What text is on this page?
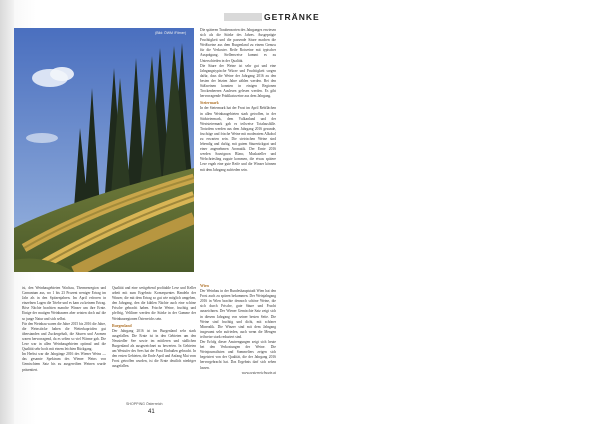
GETRÄNKE
(Bild: ÖWM /Fitmer)

ist, den Weinbaugebieten Wachau, Thermenregion und Carnuntum aus, wo 1 bis 23 Prozent weniger Ertrag im Jahr als in den Spitzenjahren. Im April erfroren in einzelnen Lagen die Triebe und es kam zu keinem Ertrag. Böse Nächte brachten manche Winzer um ihre Ernte. Einige der mutigen Weinbauern aber setzten doch auf die so junge Natur und sich selbst.

Für den Weinbau waren die Jahre 2015 bis 2016 die Jahre, die Weinstöcke haben die Wetterkapriolen gut überstanden und Zuckergehalt, die Säuren und Aromen waren hervorragend, da es selten so viel Wärme gab. Die Lese war in allen Weinbaugebieten optimal und die Qualität sehr hoch mit einem leichten Rückgang.

Im Herbst war die Jahrgänge 2016 des Wiener Weins — das gesamte Spektrum des Wiener Weins von Gemischtem Satz bis zu ausgereiften Weinen wurde präsentiert.

Qualität und eine weitgehend profitable Lese und Keller arbeit mit zum Ergebnis: Konsequentes Handeln der Winzer, die mit dem Ertrag so gut wie möglich umgehen, den Jahrgang, den die kühlen Nächte auch eine schöne Frische gebracht haben. Frische Weine, fruchtig und pfeffrig, Veltliner werden die Stärke in der Gamme der Weinbauregionen Österreichs sein.

Burgenland

Der Jahrgang 2016 ist im Burgenland sehr stark ausgefallen. Die Ernte ist in den Gebieten um den Neusiedler See sowie im mittleren und südlichen Burgenland als ausgezeichnet zu bewerten. In Gebieten am Westufer des Sees hat der Frost Einbußen gebracht. In den ersten Gebieten, die Ende April und Anfang Mai vom Frost getroffen wurden, ist die Ernte deutlich niedriger ausgefallen.

Die späteren Traubensorten des Jahrganges erwiesen sich als die Stärke des Jahres. Ausgeprägte Fruchtigkeit und die passende Säure machen die Weißweine aus dem Burgenland zu einem Genuss für die Verkoster. Reife Rotweine mit typischer Ausprägung. Stellenweise kommt es zu Unterschieden in der Qualität.

Die Säure der Weine ist sehr gut und eine Jahrgangstypische Würze und Fruchtigkeit sorgen dafür, dass die Weine der Jahrgang 2016 zu den besten der letzten Jahre zählen werden. Bei den Süßweinen konnten in einigen Regionen Trockenbeeren Auslesen gelesen werden. Es gibt hervorragende Prädikatsweine aus dem Jahrgang.

Steiermark

In der Steiermark hat der Frost im April Rebflächen in allen Weinbaugebieten stark getroffen, in der Südsteiermark, dem Vulkanland und der Weststeiermark gab es teilweise Totalausfälle. Trotzdem werden aus dem Jahrgang 2016 gesunde, fruchtige und frische Weine mit moderatem Alkohol zu erwarten sein. Die steirischen Weine sind lebendig und duftig, mit gutem Säurerückgrat und einer angenehmen Aromatik. Der Ernte 2016 werden Sauvignon Blanc, Muskateller und Welschriesling zugute kommen, die etwas spätere Lese ergab eine gute Reife und die Winzer können mit dem Jahrgang zufrieden sein.

Wien

Der Weinbau in der Bundeshauptstadt Wien hat den Frost auch zu spüren bekommen. Der Weinjahrgang 2016 in Wien brachte dennoch schöne Weine, die sich durch Frische, gute Säure und Frucht auszeichnen. Der Wiener Gemischte Satz zeigt sich in diesem Jahrgang von seiner besten Seite. Die Weine sind fruchtig und dicht, mit schöner Mineralik. Die Winzer sind mit dem Jahrgang insgesamt sehr zufrieden, auch wenn die Mengen teilweise stark reduziert sind.

Der Erfolg dieser Anstrengungen zeigt sich heute bei den Verkostungen der Weine. Die Weinjournalisten und Sommeliers zeigen sich begeistert von der Qualität, die der Jahrgang 2016 hervorgebracht hat. Das Ergebnis darf sich sehen lassen.

www.oesterreichwein.at

SHOPPING Österreich
41
